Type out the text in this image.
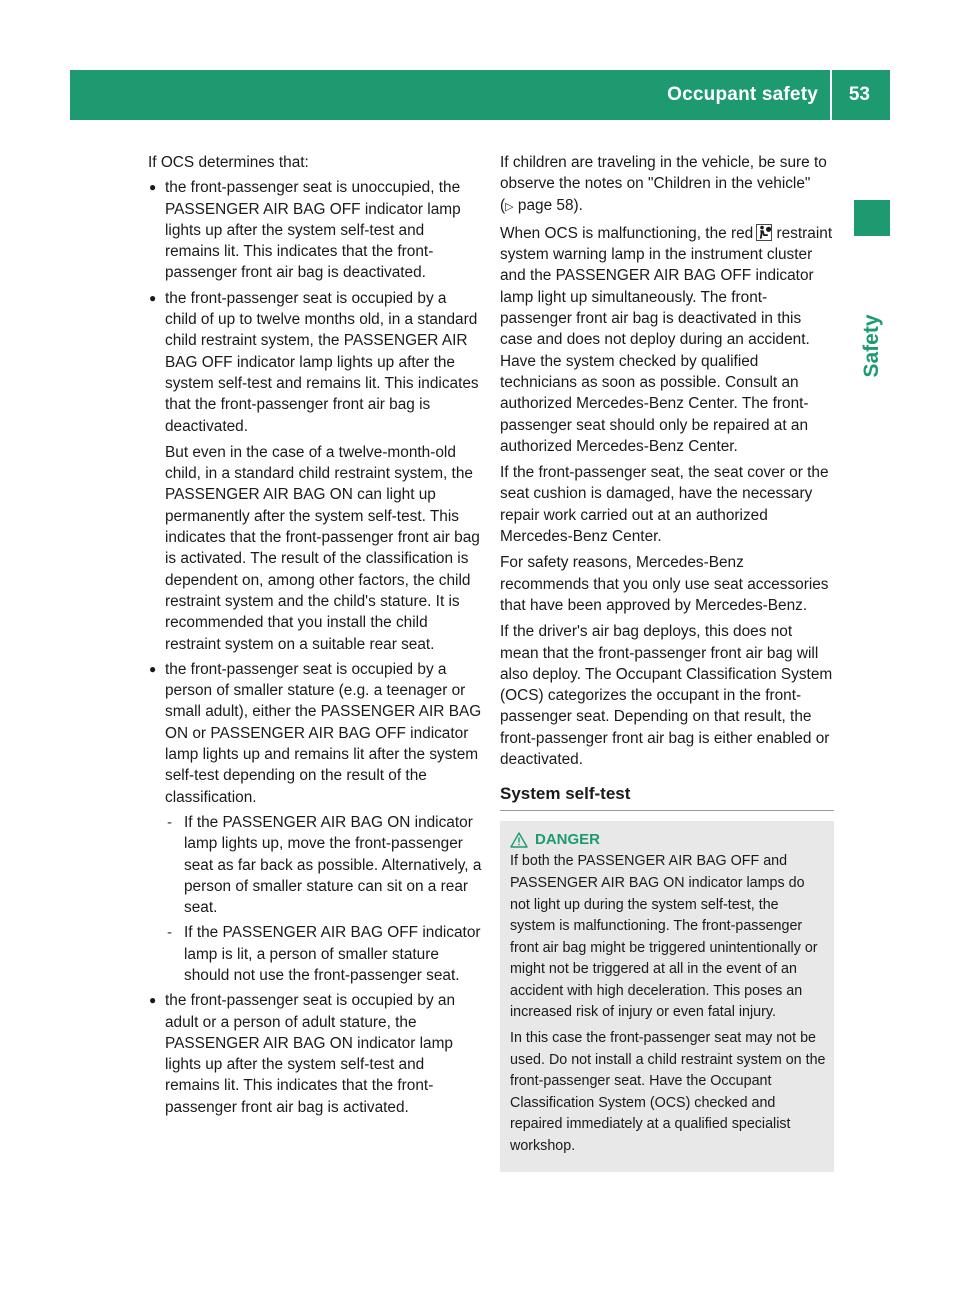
Occupant safety 53
Safety

If OCS determines that:

● the front-passenger seat is unoccupied, the PASSENGER AIR BAG OFF indicator lamp lights up after the system self-test and remains lit. This indicates that the front-passenger front air bag is deactivated.

● the front-passenger seat is occupied by a child of up to twelve months old, in a standard child restraint system, the PASSENGER AIR BAG OFF indicator lamp lights up after the system self-test and remains lit. This indicates that the front-passenger front air bag is deactivated.

But even in the case of a twelve-month-old child, in a standard child restraint system, the PASSENGER AIR BAG ON can light up permanently after the system self-test. This indicates that the front-passenger front air bag is activated. The result of the classification is dependent on, among other factors, the child restraint system and the child's stature. It is recommended that you install the child restraint system on a suitable rear seat.

● the front-passenger seat is occupied by a person of smaller stature (e.g. a teenager or small adult), either the PASSENGER AIR BAG ON or PASSENGER AIR BAG OFF indicator lamp lights up and remains lit after the system self-test depending on the result of the classification.

- If the PASSENGER AIR BAG ON indicator lamp lights up, move the front-passenger seat as far back as possible. Alternatively, a person of smaller stature can sit on a rear seat.

- If the PASSENGER AIR BAG OFF indicator lamp is lit, a person of smaller stature should not use the front-passenger seat.

● the front-passenger seat is occupied by an adult or a person of adult stature, the PASSENGER AIR BAG ON indicator lamp lights up after the system self-test and remains lit. This indicates that the front-passenger front air bag is activated.

If children are traveling in the vehicle, be sure to observe the notes on "Children in the vehicle" (▷ page 58).

When OCS is malfunctioning, the red restraint system warning lamp in the instrument cluster and the PASSENGER AIR BAG OFF indicator lamp light up simultaneously. The front-passenger front air bag is deactivated in this case and does not deploy during an accident. Have the system checked by qualified technicians as soon as possible. Consult an authorized Mercedes-Benz Center. The front-passenger seat should only be repaired at an authorized Mercedes-Benz Center.

If the front-passenger seat, the seat cover or the seat cushion is damaged, have the necessary repair work carried out at an authorized Mercedes-Benz Center.

For safety reasons, Mercedes-Benz recommends that you only use seat accessories that have been approved by Mercedes-Benz.

If the driver's air bag deploys, this does not mean that the front-passenger front air bag will also deploy. The Occupant Classification System (OCS) categorizes the occupant in the front-passenger seat. Depending on that result, the front-passenger front air bag is either enabled or deactivated.

System self-test
DANGER

If both the PASSENGER AIR BAG OFF and PASSENGER AIR BAG ON indicator lamps do not light up during the system self-test, the system is malfunctioning. The front-passenger front air bag might be triggered unintentionally or might not be triggered at all in the event of an accident with high deceleration. This poses an increased risk of injury or even fatal injury.

In this case the front-passenger seat may not be used. Do not install a child restraint system on the front-passenger seat. Have the Occupant Classification System (OCS) checked and repaired immediately at a qualified specialist workshop.
